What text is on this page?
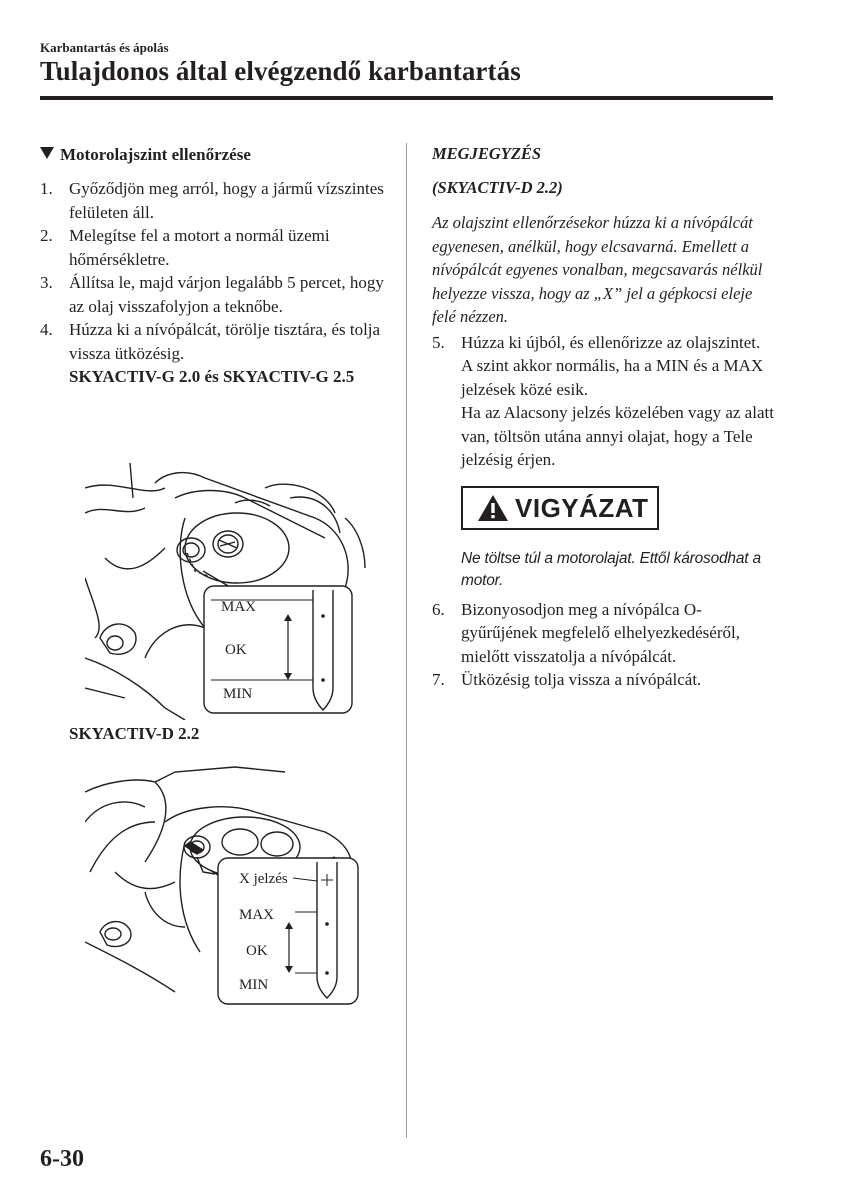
Karbantartás és ápolás
Tulajdonos által elvégzendő karbantartás
Motorolajszint ellenőrzése
1. Győződjön meg arról, hogy a jármű vízszintes felületen áll.
2. Melegítse fel a motort a normál üzemi hőmérsékletre.
3. Állítsa le, majd várjon legalább 5 percet, hogy az olaj visszafolyjon a teknőbe.
4. Húzza ki a nívópálcát, törölje tisztára, és tolja vissza ütközésig.
SKYACTIV-G 2.0 és SKYACTIV-G 2.5
MAX
OK
MIN
SKYACTIV-D 2.2
X jelzés
MAX
OK
MIN
MEGJEGYZÉS
(SKYACTIV-D 2.2)
Az olajszint ellenőrzésekor húzza ki a nívópálcát egyenesen, anélkül, hogy elcsavarná. Emellett a nívópálcát egyenes vonalban, megcsavarás nélkül helyezze vissza, hogy az „X” jel a gépkocsi eleje felé nézzen.
5. Húzza ki újból, és ellenőrizze az olajszintet.
A szint akkor normális, ha a MIN és a MAX jelzések közé esik.
Ha az Alacsony jelzés közelében vagy az alatt van, töltsön utána annyi olajat, hogy a Tele jelzésig érjen.
VIGYÁZAT
Ne töltse túl a motorolajat. Ettől károsodhat a motor.
6. Bizonyosodjon meg a nívópálca O-gyűrűjének megfelelő elhelyezkedéséről, mielőtt visszatolja a nívópálcát.
7. Ütközésig tolja vissza a nívópálcát.
6-30
